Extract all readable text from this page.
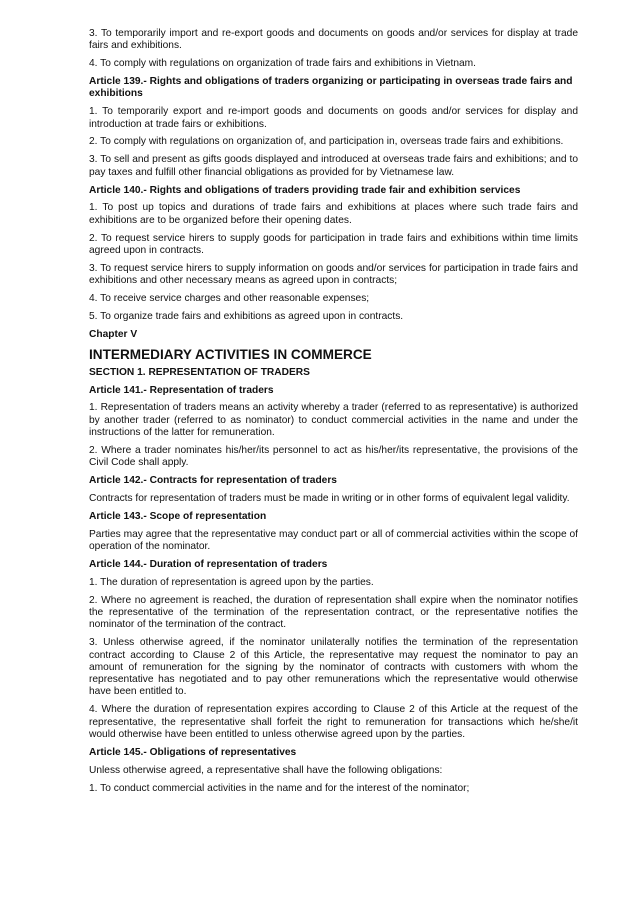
3. To temporarily import and re-export goods and documents on goods and/or services for display at trade fairs and exhibitions.

4. To comply with regulations on organization of trade fairs and exhibitions in Vietnam.

Article 139.- Rights and obligations of traders organizing or participating in overseas trade fairs and exhibitions

1. To temporarily export and re-import goods and documents on goods and/or services for display and introduction at trade fairs or exhibitions.

2. To comply with regulations on organization of, and participation in, overseas trade fairs and exhibitions.

3. To sell and present as gifts goods displayed and introduced at overseas trade fairs and exhibitions; and to pay taxes and fulfill other financial obligations as provided for by Vietnamese law.

Article 140.- Rights and obligations of traders providing trade fair and exhibition services

1. To post up topics and durations of trade fairs and exhibitions at places where such trade fairs and exhibitions are to be organized before their opening dates.

2. To request service hirers to supply goods for participation in trade fairs and exhibitions within time limits agreed upon in contracts.

3. To request service hirers to supply information on goods and/or services for participation in trade fairs and exhibitions and other necessary means as agreed upon in contracts;

4. To receive service charges and other reasonable expenses;

5. To organize trade fairs and exhibitions as agreed upon in contracts.

Chapter V

INTERMEDIARY ACTIVITIES IN COMMERCE

SECTION 1. REPRESENTATION OF TRADERS

Article 141.- Representation of traders

1. Representation of traders means an activity whereby a trader (referred to as representative) is authorized by another trader (referred to as nominator) to conduct commercial activities in the name and under the instructions of the latter for remuneration.

2. Where a trader nominates his/her/its personnel to act as his/her/its representative, the provisions of the Civil Code shall apply.

Article 142.- Contracts for representation of traders

Contracts for representation of traders must be made in writing or in other forms of equivalent legal validity.

Article 143.- Scope of representation

Parties may agree that the representative may conduct part or all of commercial activities within the scope of operation of the nominator.

Article 144.- Duration of representation of traders

1. The duration of representation is agreed upon by the parties.

2. Where no agreement is reached, the duration of representation shall expire when the nominator notifies the representative of the termination of the representation contract, or the representative notifies the nominator of the termination of the contract.

3. Unless otherwise agreed, if the nominator unilaterally notifies the termination of the representation contract according to Clause 2 of this Article, the representative may request the nominator to pay an amount of remuneration for the signing by the nominator of contracts with customers with whom the representative has negotiated and to pay other remunerations which the representative would otherwise have been entitled to.

4. Where the duration of representation expires according to Clause 2 of this Article at the request of the representative, the representative shall forfeit the right to remuneration for transactions which he/she/it would otherwise have been entitled to unless otherwise agreed upon by the parties.

Article 145.- Obligations of representatives

Unless otherwise agreed, a representative shall have the following obligations:

1. To conduct commercial activities in the name and for the interest of the nominator;
